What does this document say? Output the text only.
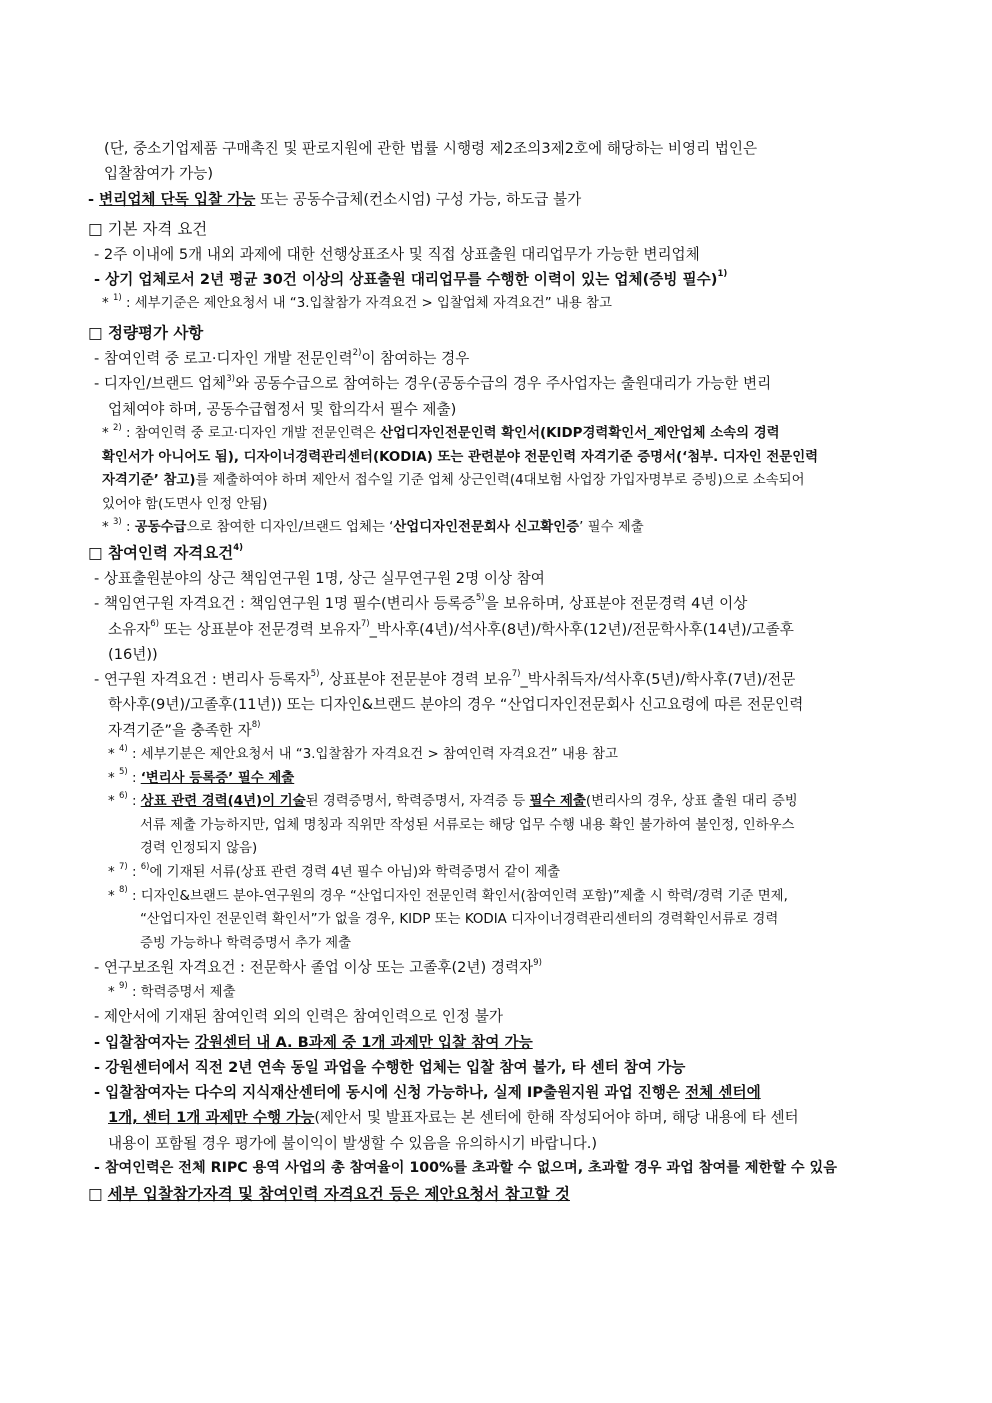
(단, 중소기업제품 구매촉진 및 판로지원에 관한 법률 시행령 제2조의3제2호에 해당하는 비영리 법인은
입찰참여가 가능)

- 변리업체 단독 입찰 가능 또는 공동수급체(컨소시엄) 구성 가능, 하도급 불가

□ 기본 자격 요건

- 2주 이내에 5개 내외 과제에 대한 선행상표조사 및 직접 상표출원 대리업무가 가능한 변리업체

- 상기 업체로서 2년 평균 30건 이상의 상표출원 대리업무를 수행한 이력이 있는 업체(증빙 필수)$^{1)}$

* $^{1)}$ : 세부기준은 제안요청서 내 “3.입찰참가 자격요건 > 입찰업체 자격요건” 내용 참고

□ 정량평가 사항

- 참여인력 중 로고·디자인 개발 전문인력$^{2)}$이 참여하는 경우

- 디자인/브랜드 업체$^{3)}$와 공동수급으로 참여하는 경우(공동수급의 경우 주사업자는 출원대리가 가능한 변리
업체여야 하며, 공동수급협정서 및 합의각서 필수 제출)

* $^{2)}$ : 참여인력 중 로고·디자인 개발 전문인력은 산업디자인전문인력 확인서(KIDP경력확인서_제안업체 소속의 경력
확인서가 아니어도 됨), 디자이너경력관리센터(KODIA) 또는 관련분야 전문인력 자격기준 증명서(‘첨부. 디자인 전문인력
자격기준’ 참고)를 제출하여야 하며 제안서 접수일 기준 업체 상근인력(4대보험 사업장 가입자명부로 증빙)으로 소속되어
있어야 함(도면사 인정 안됨)

* $^{3)}$ : 공동수급으로 참여한 디자인/브랜드 업체는 ‘산업디자인전문회사 신고확인증’ 필수 제출

□ 참여인력 자격요건$^{4)}$

- 상표출원분야의 상근 책임연구원 1명, 상근 실무연구원 2명 이상 참여

- 책임연구원 자격요건 : 책임연구원 1명 필수(변리사 등록증$^{5)}$을 보유하며, 상표분야 전문경력 4년 이상
소유자$^{6)}$ 또는 상표분야 전문경력 보유자$^{7)}$_박사후(4년)/석사후(8년)/학사후(12년)/전문학사후(14년)/고졸후
(16년))

- 연구원 자격요건 : 변리사 등록자$^{5)}$, 상표분야 전문분야 경력 보유$^{7)}$_박사취득자/석사후(5년)/학사후(7년)/전문
학사후(9년)/고졸후(11년)) 또는 디자인&브랜드 분야의 경우 “산업디자인전문회사 신고요령에 따른 전문인력
자격기준”을 충족한 자$^{8)}$

* $^{4)}$ : 세부기분은 제안요청서 내 “3.입찰참가 자격요건 > 참여인력 자격요건” 내용 참고

* $^{5)}$ : ‘변리사 등록증’ 필수 제출

* $^{6)}$ : 상표 관련 경력(4년)이 기술된 경력증명서, 학력증명서, 자격증 등 필수 제출(변리사의 경우, 상표 출원 대리 증빙
서류 제출 가능하지만, 업체 명칭과 직위만 작성된 서류로는 해당 업무 수행 내용 확인 불가하여 불인정, 인하우스
경력 인정되지 않음)

* $^{7)}$ : $^{6)}$에 기재된 서류(상표 관련 경력 4년 필수 아님)와 학력증명서 같이 제출

* $^{8)}$ : 디자인&브랜드 분야-연구원의 경우 “산업디자인 전문인력 확인서(참여인력 포함)”제출 시 학력/경력 기준 면제,
“산업디자인 전문인력 확인서”가 없을 경우, KIDP 또는 KODIA 디자이너경력관리센터의 경력확인서류로 경력
증빙 가능하나 학력증명서 추가 제출

- 연구보조원 자격요건 : 전문학사 졸업 이상 또는 고졸후(2년) 경력자$^{9)}$

* $^{9)}$ : 학력증명서 제출

- 제안서에 기재된 참여인력 외의 인력은 참여인력으로 인정 불가

- 입찰참여자는 강원센터 내 A. B과제 중 1개 과제만 입찰 참여 가능

- 강원센터에서 직전 2년 연속 동일 과업을 수행한 업체는 입찰 참여 불가, 타 센터 참여 가능

- 입찰참여자는 다수의 지식재산센터에 동시에 신청 가능하나, 실제 IP출원지원 과업 진행은 전체 센터에
1개, 센터 1개 과제만 수행 가능(제안서 및 발표자료는 본 센터에 한해 작성되어야 하며, 해당 내용에 타 센터
내용이 포함될 경우 평가에 불이익이 발생할 수 있음을 유의하시기 바랍니다.)

- 참여인력은 전체 RIPC 용역 사업의 총 참여율이 100%를 초과할 수 없으며, 초과할 경우 과업 참여를 제한할 수 있음

□ 세부 입찰참가자격 및 참여인력 자격요건 등은 제안요청서 참고할 것
